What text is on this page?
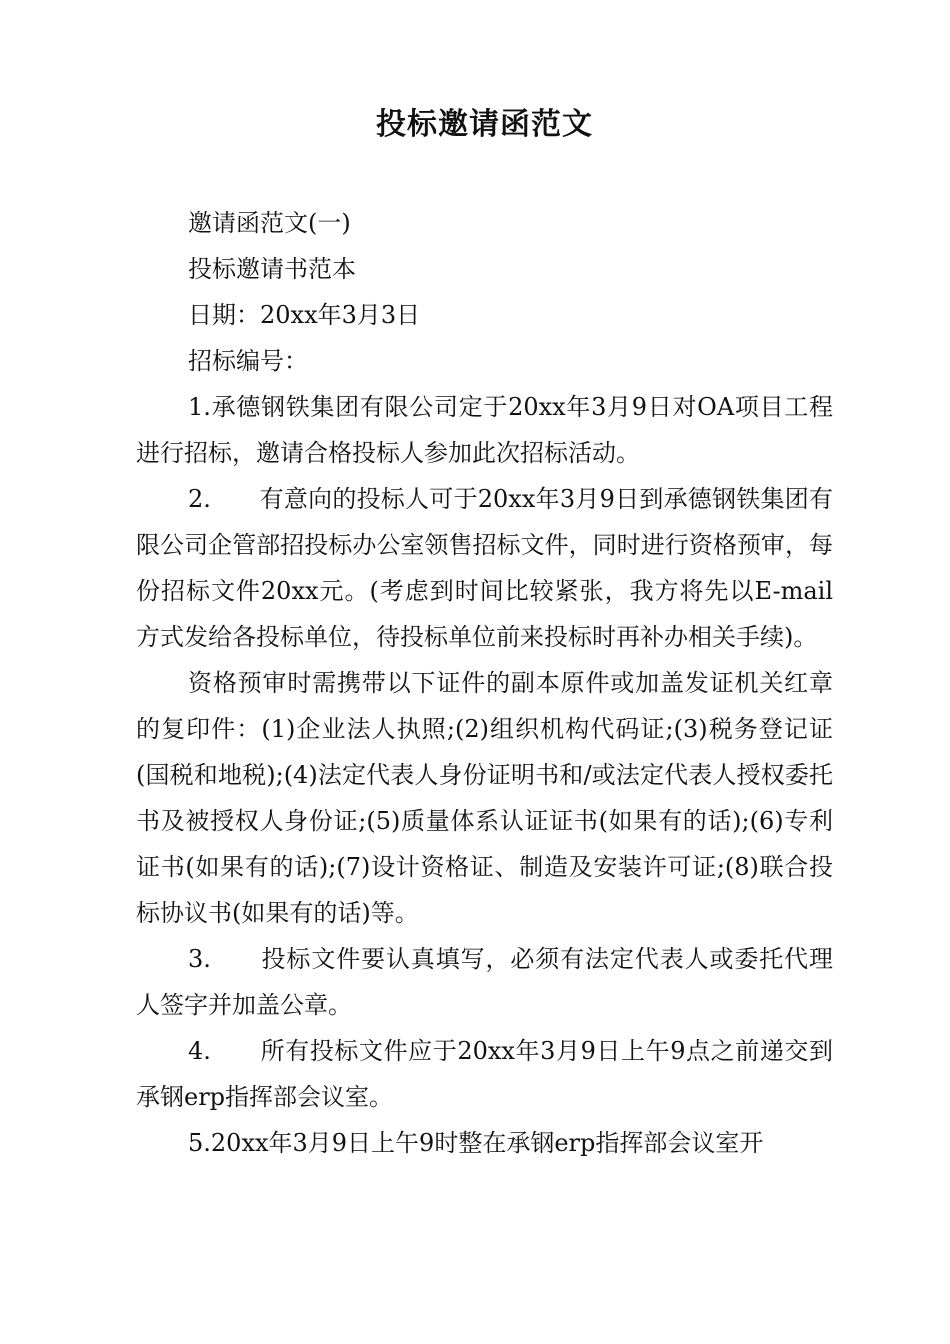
投标邀请函范文

邀请函范文(一)

投标邀请书范本

日期：20xx年3月3日

招标编号：

1.承德钢铁集团有限公司定于20xx年3月9日对OA项目工程进行招标，邀请合格投标人参加此次招标活动。

2.　　有意向的投标人可于20xx年3月9日到承德钢铁集团有限公司企管部招投标办公室领售招标文件，同时进行资格预审，每份招标文件20xx元。(考虑到时间比较紧张，我方将先以E-mail方式发给各投标单位，待投标单位前来投标时再补办相关手续)。

资格预审时需携带以下证件的副本原件或加盖发证机关红章的复印件：(1)企业法人执照;(2)组织机构代码证;(3)税务登记证(国税和地税);(4)法定代表人身份证明书和/或法定代表人授权委托书及被授权人身份证;(5)质量体系认证证书(如果有的话);(6)专利证书(如果有的话);(7)设计资格证、制造及安装许可证;(8)联合投标协议书(如果有的话)等。

3.　　投标文件要认真填写，必须有法定代表人或委托代理人签字并加盖公章。

4.　　所有投标文件应于20xx年3月9日上午9点之前递交到承钢erp指挥部会议室。

5.20xx年3月9日上午9时整在承钢erp指挥部会议室开
